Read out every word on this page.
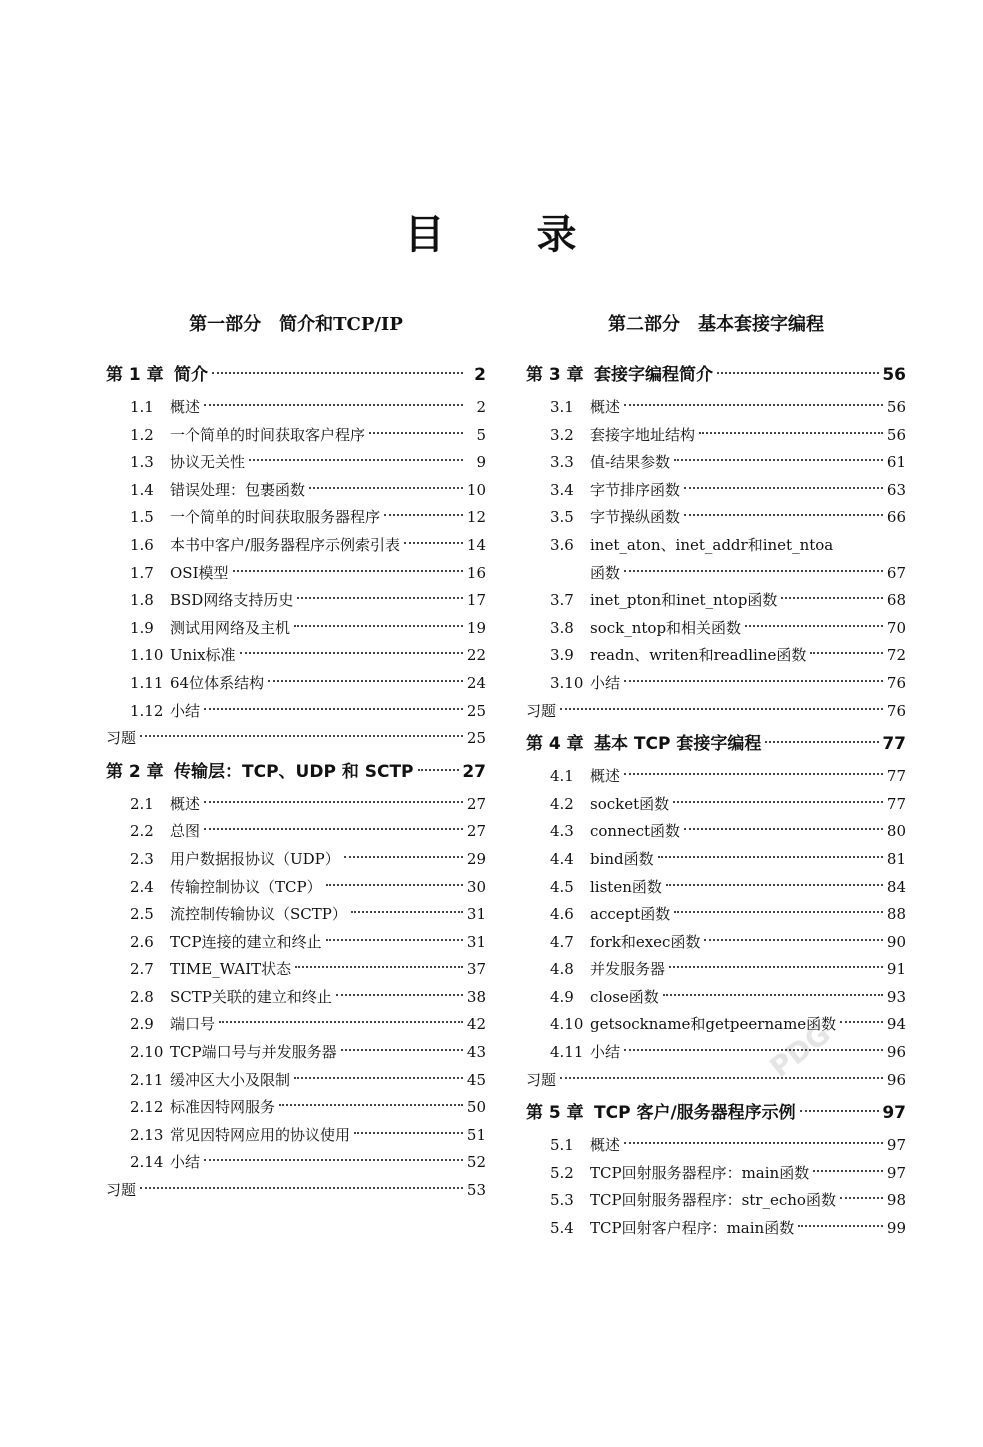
目 录
第一部分　简介和TCP/IP
第 1 章 简介	2
1.1	概述	2
1.2	一个简单的时间获取客户程序	5
1.3	协议无关性	9
1.4	错误处理：包裹函数	10
1.5	一个简单的时间获取服务器程序	12
1.6	本书中客户/服务器程序示例索引表	14
1.7	OSI模型	16
1.8	BSD网络支持历史	17
1.9	测试用网络及主机	19
1.10 Unix标准	22
1.11 64位体系结构	24
1.12 小结	25
习题	25
第 2 章 传输层：TCP、UDP 和 SCTP	27
2.1	概述	27
2.2	总图	27
2.3	用户数据报协议（UDP）	29
2.4	传输控制协议（TCP）	30
2.5	流控制传输协议（SCTP）	31
2.6	TCP连接的建立和终止	31
2.7	TIME_WAIT状态	37
2.8	SCTP关联的建立和终止	38
2.9	端口号	42
2.10 TCP端口号与并发服务器	43
2.11 缓冲区大小及限制	45
2.12 标准因特网服务	50
2.13 常见因特网应用的协议使用	51
2.14 小结	52
习题	53
第二部分　基本套接字编程
第 3 章 套接字编程简介	56
3.1	概述	56
3.2	套接字地址结构	56
3.3	值-结果参数	61
3.4	字节排序函数	63
3.5	字节操纵函数	66
3.6	inet_aton、inet_addr和inet_ntoa
函数	67
3.7	inet_pton和inet_ntop函数	68
3.8	sock_ntop和相关函数	70
3.9	readn、writen和readline函数	72
3.10 小结	76
习题	76
第 4 章 基本 TCP 套接字编程	77
4.1	概述	77
4.2	socket函数	77
4.3	connect函数	80
4.4	bind函数	81
4.5	listen函数	84
4.6	accept函数	88
4.7	fork和exec函数	90
4.8	并发服务器	91
4.9	close函数	93
4.10 getsockname和getpeername函数	94
4.11 小结	96
习题	96
第 5 章 TCP 客户/服务器程序示例	97
5.1	概述	97
5.2	TCP回射服务器程序：main函数	97
5.3	TCP回射服务器程序：str_echo函数	98
5.4	TCP回射客户程序：main函数	99
PDG
